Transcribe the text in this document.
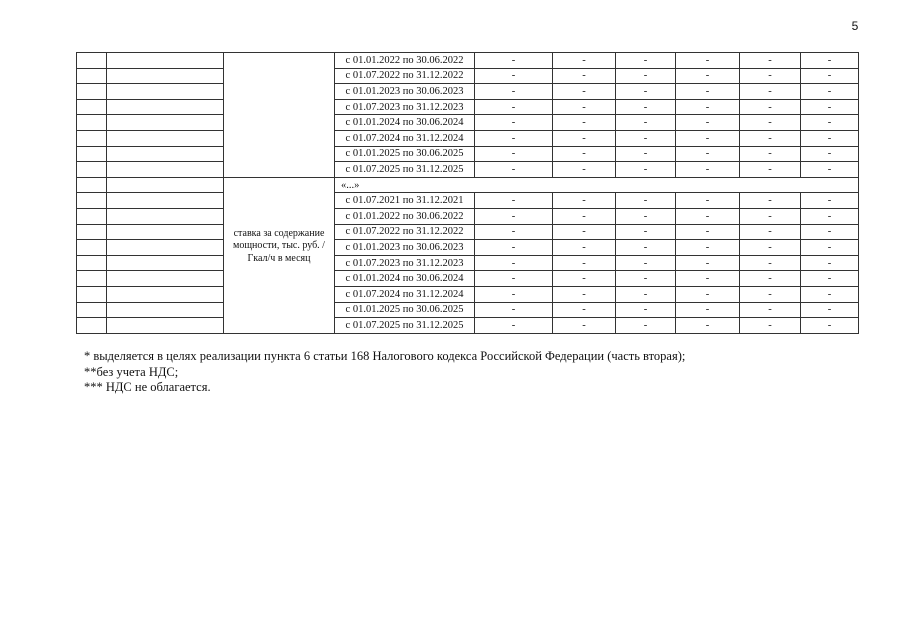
5
			с 01.01.2022 по 30.06.2022	-	-	-	-	-	-
			с 01.07.2022 по 31.12.2022	-	-	-	-	-	-
			с 01.01.2023 по 30.06.2023	-	-	-	-	-	-
			с 01.07.2023 по 31.12.2023	-	-	-	-	-	-
			с 01.01.2024 по 30.06.2024	-	-	-	-	-	-
			с 01.07.2024 по 31.12.2024	-	-	-	-	-	-
			с 01.01.2025 по 30.06.2025	-	-	-	-	-	-
			с 01.07.2025 по 31.12.2025	-	-	-	-	-	-

		ставка за содержание мощности, тыс. руб. /Гкал/ч в месяц	«...»						
			с 01.07.2021 по 31.12.2021	-	-	-	-	-	-
			с 01.01.2022 по 30.06.2022	-	-	-	-	-	-
			с 01.07.2022 по 31.12.2022	-	-	-	-	-	-
			с 01.01.2023 по 30.06.2023	-	-	-	-	-	-
			с 01.07.2023 по 31.12.2023	-	-	-	-	-	-
			с 01.01.2024 по 30.06.2024	-	-	-	-	-	-
			с 01.07.2024 по 31.12.2024	-	-	-	-	-	-
			с 01.01.2025 по 30.06.2025	-	-	-	-	-	-
			с 01.07.2025 по 31.12.2025	-	-	-	-	-	-
* выделяется в целях реализации пункта 6 статьи 168 Налогового кодекса Российской Федерации (часть вторая);
**без учета НДС;
*** НДС не облагается.
